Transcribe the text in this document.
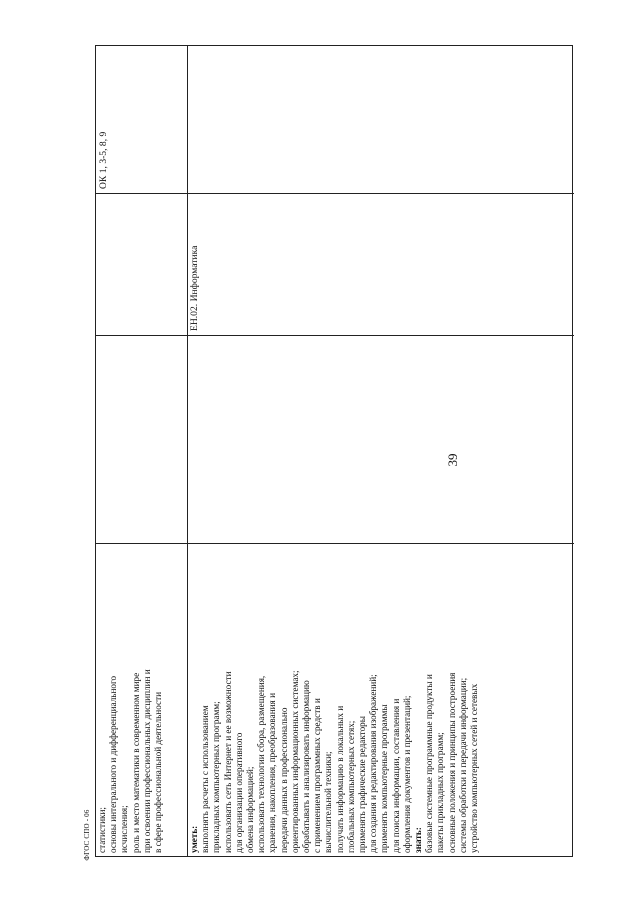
39
ФГОС СПО - 06 статистики;
основы интегрального и дифференциального
исчисления;
роль и место математики в современном мире
при освоении профессиональных дисциплин и
в сфере профессиональной деятельности
уметь: выполнять расчеты с использованием
прикладных компьютерных программ;
использовать сеть Интернет и ее возможности
для организации оперативного
обмена информацией;
использовать технологии сбора, размещения,
хранения, накопления, преобразования и
передачи данных в профессионально
ориентированных информационных системах;
обрабатывать и анализировать информацию
с применением программных средств и
вычислительной техники;
получать информацию в локальных и
глобальных компьютерных сетях;
применять графические редакторы
для создания и редактирования изображений;
применять компьютерные программы
для поиска информации, составления и
оформления документов и презентаций;
знать: базовые системные программные продукты и
пакеты прикладных программ;
основные положения и принципы построения
системы обработки и передачи информации;
устройство компьютерных сетей и сетевых
ОК 1, 3-5, 8, 9
ЕН.02. Информатика
